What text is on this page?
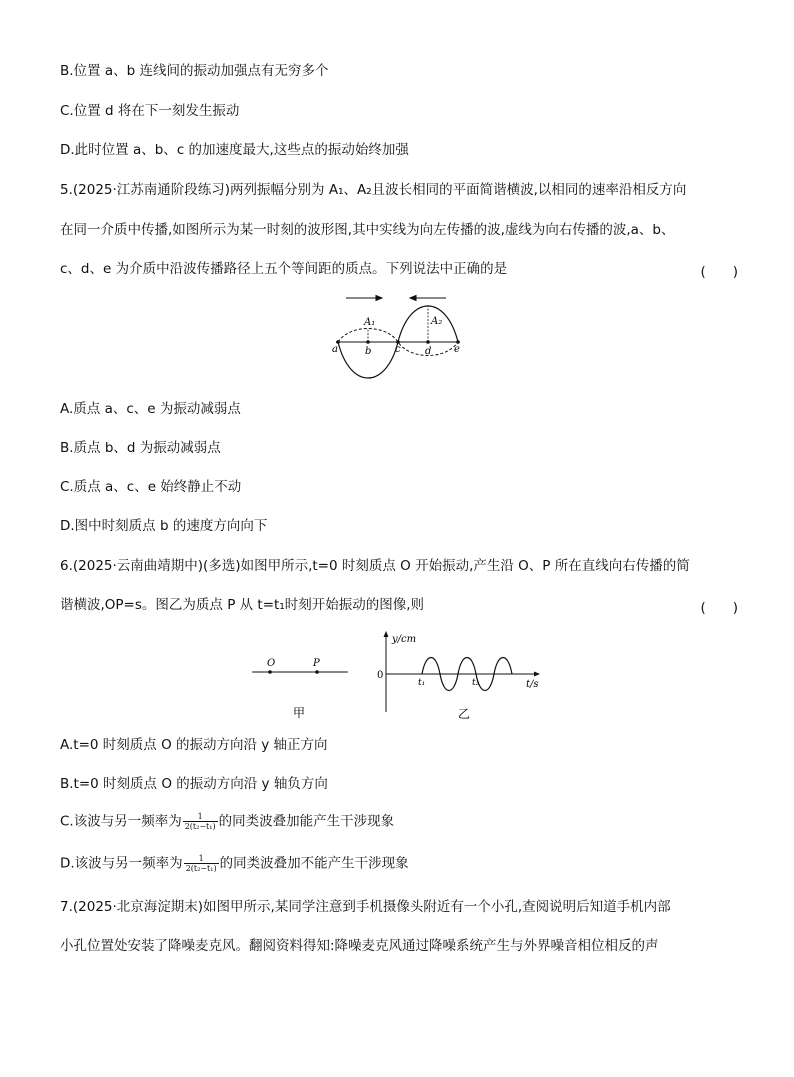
B.位置 a、b 连线间的振动加强点有无穷多个
C.位置 d 将在下一刻发生振动
D.此时位置 a、b、c 的加速度最大,这些点的振动始终加强
5.(2025·江苏南通阶段练习)两列振幅分别为 A₁、A₂且波长相同的平面简谐横波,以相同的速率沿相反方向
在同一介质中传播,如图所示为某一时刻的波形图,其中实线为向左传播的波,虚线为向右传播的波,a、b、
c、d、e 为介质中沿波传播路径上五个等间距的质点。下列说法中正确的是	(　　)
A₁	A₂
a	b c d e
A.质点 a、c、e 为振动减弱点
B.质点 b、d 为振动减弱点
C.质点 a、c、e 始终静止不动
D.图中时刻质点 b 的速度方向向下
6.(2025·云南曲靖期中)(多选)如图甲所示,t=0 时刻质点 O 开始振动,产生沿 O、P 所在直线向右传播的简
谐横波,OP=s。图乙为质点 P 从 t=t₁时刻开始振动的图像,则	(　　)
O	P
甲
y/cm
t/s
0
t₁	t₂
乙
A.t=0 时刻质点 O 的振动方向沿 y 轴正方向
B.t=0 时刻质点 O 的振动方向沿 y 轴负方向
C.该波与另一频率为 $\frac{1}{\text{2(t₂−t₁)}}$ 的同类波叠加能产生干涉现象
D.该波与另一频率为 $\frac{1}{\text{2(t₂−t₁)}}$ 的同类波叠加不能产生干涉现象
7.(2025·北京海淀期末)如图甲所示,某同学注意到手机摄像头附近有一个小孔,查阅说明后知道手机内部
小孔位置处安装了降噪麦克风。翻阅资料得知:降噪麦克风通过降噪系统产生与外界噪音相位相反的声
